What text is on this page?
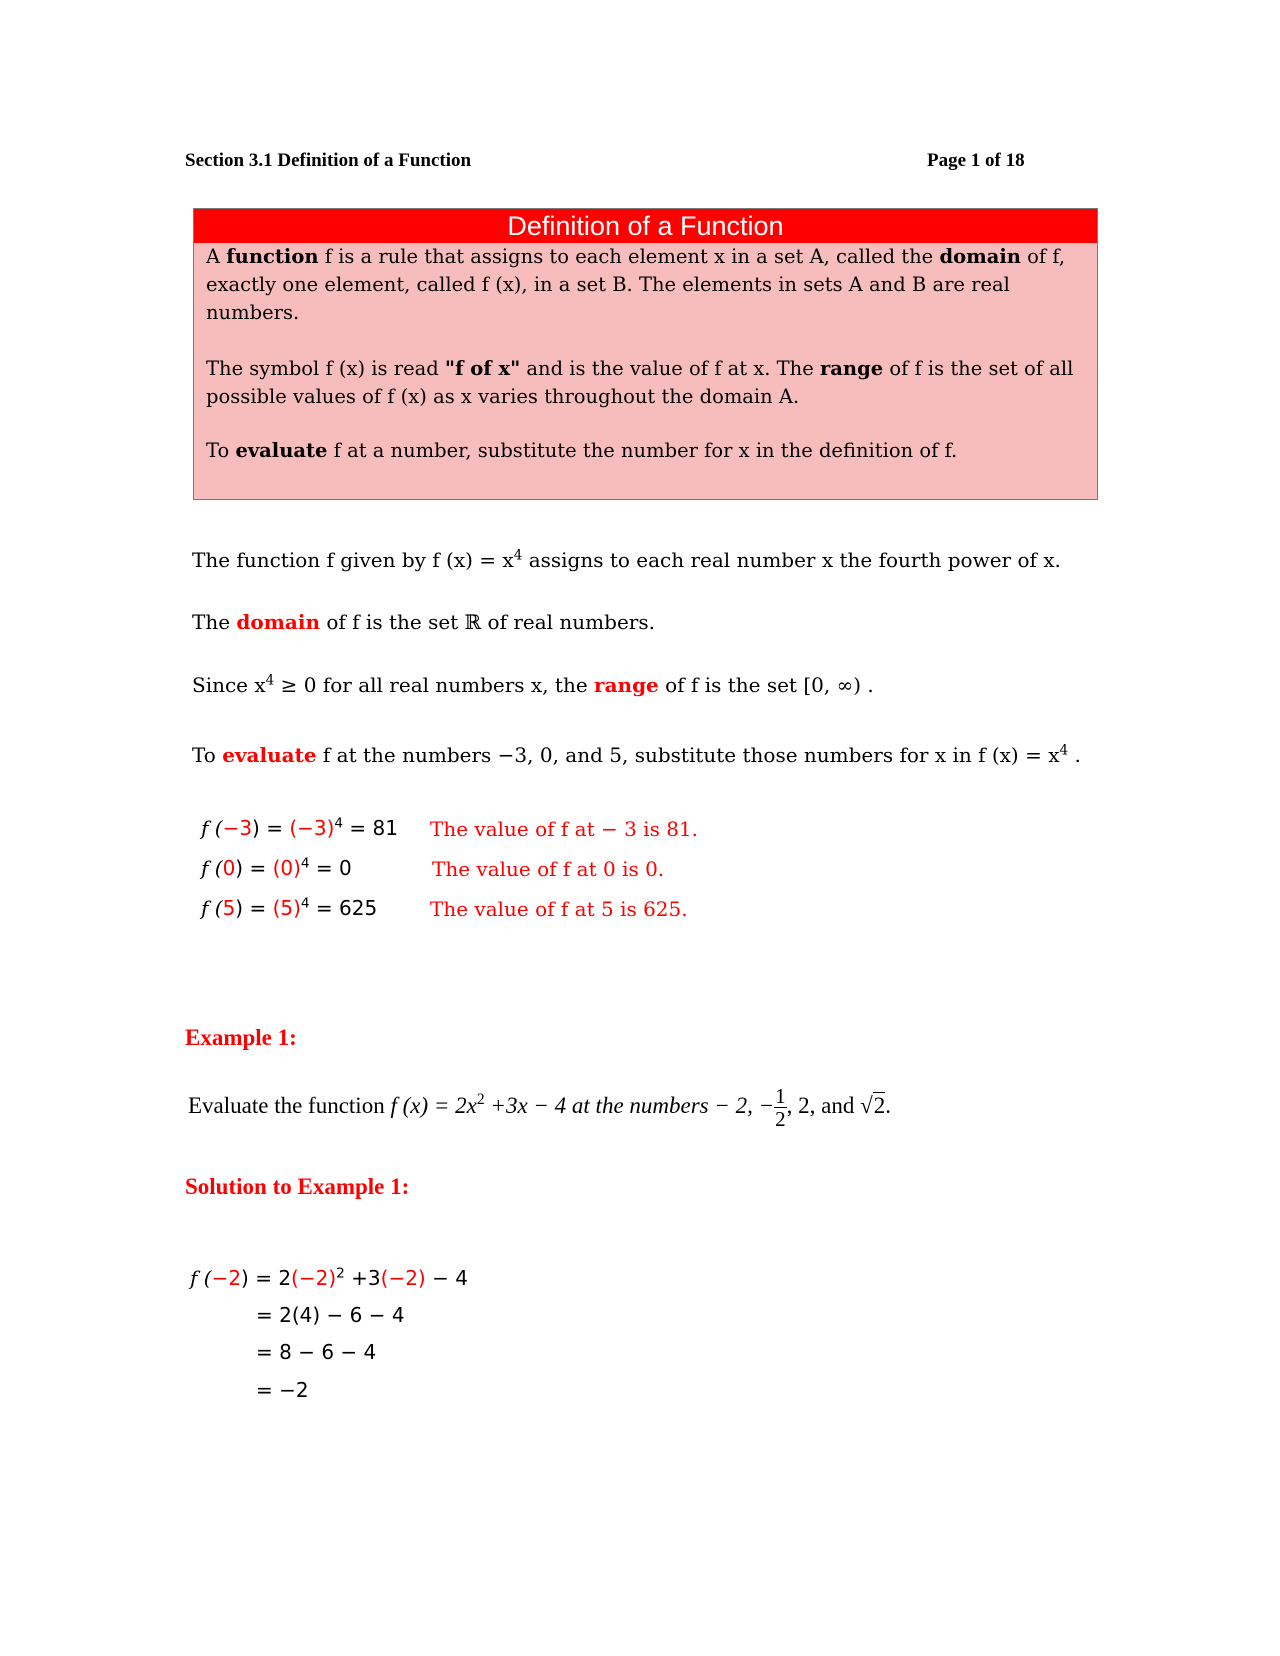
Section 3.1 Definition of a Function	Page 1 of 18
Definition of a Function
A function f is a rule that assigns to each element x in a set A, called the domain of f, exactly one element, called f (x), in a set B. The elements in sets A and B are real numbers.
The symbol f (x) is read "f of x" and is the value of f at x. The range of f is the set of all possible values of f (x) as x varies throughout the domain A.
To evaluate f at a number, substitute the number for x in the definition of f.
The function f given by f $(x) = x^4$ assigns to each real number x the fourth power of x.
The domain of f is the set ℝ of real numbers.
Since $x^4 \ge 0$ for all real numbers x, the range of f is the set [0, ∞) .
To evaluate f at the numbers −3, 0, and 5, substitute those numbers for x in f $(x) = x^4$ .
f $(-3) = (-3)^4 = 81$ The value of f at − 3 is 81.
f $(0) = (0)^4 = 0$	The value of f at 0 is 0.
f $(5) = (5)^4 = 625$	The value of f at 5 is 625.
Example 1:
Evaluate the function f $(x) = 2x^2 +3x - 4$ at the numbers − 2, − $\frac{1}{2}$ , 2, and √2.
Solution to Example 1:
f $(-2) = 2(-2)^2 +3(-2) - 4$
= 2(4) − 6 − 4
= 8 − 6 − 4
= −2
